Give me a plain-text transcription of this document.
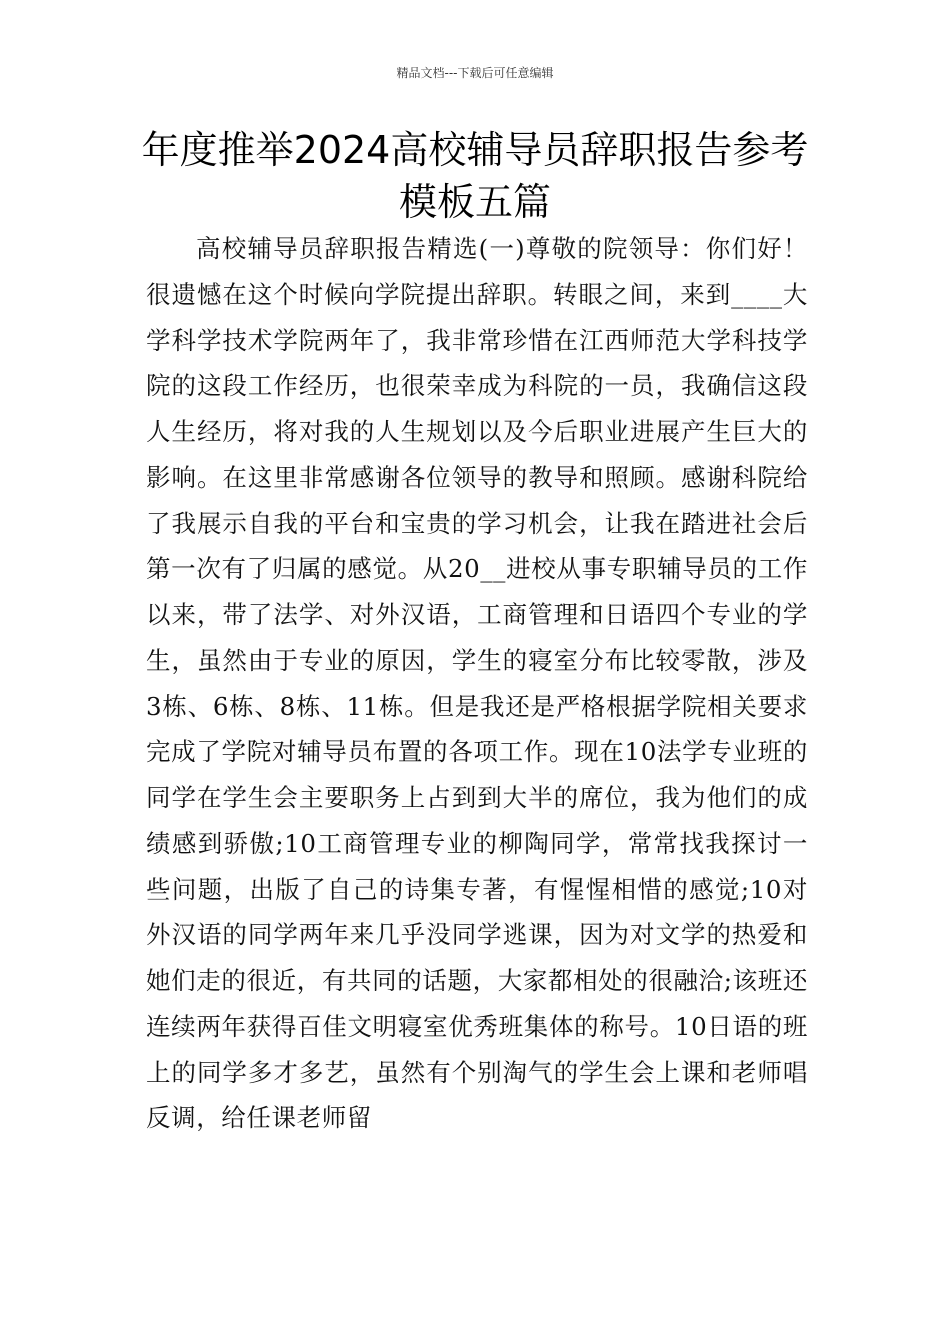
精品文档---下载后可任意编辑
年度推举2024高校辅导员辞职报告参考模板五篇

高校辅导员辞职报告精选(一)尊敬的院领导：你们好！很遗憾在这个时候向学院提出辞职。转眼之间，来到____大学科学技术学院两年了，我非常珍惜在江西师范大学科技学院的这段工作经历，也很荣幸成为科院的一员，我确信这段人生经历，将对我的人生规划以及今后职业进展产生巨大的影响。在这里非常感谢各位领导的教导和照顾。感谢科院给了我展示自我的平台和宝贵的学习机会，让我在踏进社会后第一次有了归属的感觉。从20__进校从事专职辅导员的工作以来，带了法学、对外汉语，工商管理和日语四个专业的学生，虽然由于专业的原因，学生的寝室分布比较零散，涉及3栋、6栋、8栋、11栋。但是我还是严格根据学院相关要求完成了学院对辅导员布置的各项工作。现在10法学专业班的同学在学生会主要职务上占到到大半的席位，我为他们的成绩感到骄傲;10工商管理专业的柳陶同学，常常找我探讨一些问题，出版了自己的诗集专著，有惺惺相惜的感觉;10对外汉语的同学两年来几乎没同学逃课，因为对文学的热爱和她们走的很近，有共同的话题，大家都相处的很融洽;该班还连续两年获得百佳文明寝室优秀班集体的称号。10日语的班上的同学多才多艺，虽然有个别淘气的学生会上课和老师唱反调，给任课老师留
